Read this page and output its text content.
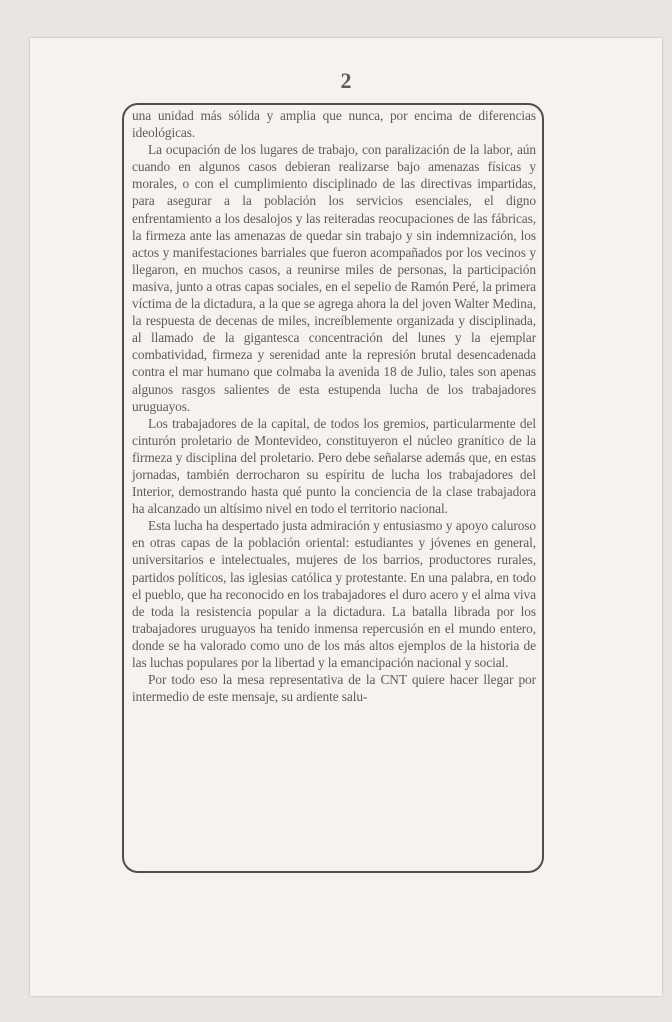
2

una unidad más sólida y amplia que nunca, por encima de diferencias ideológicas.

La ocupación de los lugares de trabajo, con paralización de la labor, aún cuando en algunos casos debieran realizarse bajo amenazas físicas y morales, o con el cumplimiento disciplinado de las directivas impartidas, para asegurar a la población los servicios esenciales, el digno enfrentamiento a los desalojos y las reiteradas reocupaciones de las fábricas, la firmeza ante las amenazas de quedar sin trabajo y sin indemnización, los actos y manifestaciones barriales que fueron acompañados por los vecinos y llegaron, en muchos casos, a reunirse miles de personas, la participación masiva, junto a otras capas sociales, en el sepelio de Ramón Peré, la primera víctima de la dictadura, a la que se agrega ahora la del joven Walter Medina, la respuesta de decenas de miles, increíblemente organizada y disciplinada, al llamado de la gigantesca concentración del lunes y la ejemplar combatividad, firmeza y serenidad ante la represión brutal desencadenada contra el mar humano que colmaba la avenida 18 de Julio, tales son apenas algunos rasgos salientes de esta estupenda lucha de los trabajadores uruguayos.

Los trabajadores de la capital, de todos los gremios, particularmente del cinturón proletario de Montevideo, constituyeron el núcleo granítico de la firmeza y disciplina del proletario. Pero debe señalarse además que, en estas jornadas, también derrocharon su espíritu de lucha los trabajadores del Interior, demostrando hasta qué punto la conciencia de la clase trabajadora ha alcanzado un altísimo nivel en todo el territorio nacional.

Esta lucha ha despertado justa admiración y entusiasmo y apoyo caluroso en otras capas de la población oriental: estudiantes y jóvenes en general, universitarios e intelectuales, mujeres de los barrios, productores rurales, partidos políticos, las iglesias católica y protestante. En una palabra, en todo el pueblo, que ha reconocido en los trabajadores el duro acero y el alma viva de toda la resistencia popular a la dictadura. La batalla librada por los trabajadores uruguayos ha tenido inmensa repercusión en el mundo entero, donde se ha valorado como uno de los más altos ejemplos de la historia de las luchas populares por la libertad y la emancipación nacional y social.

Por todo eso la mesa representativa de la CNT quiere hacer llegar por intermedio de este mensaje, su ardiente salu-
